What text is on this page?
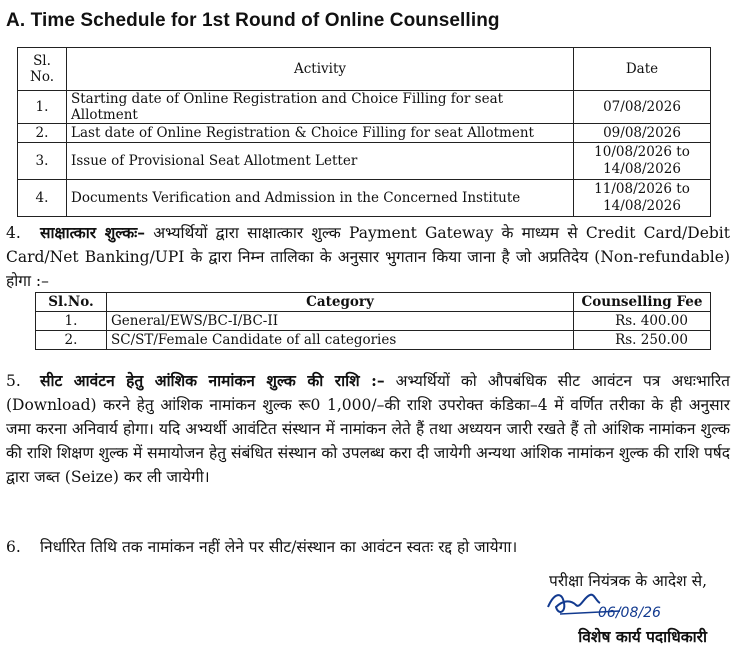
A. Time Schedule for 1st Round of Online Counselling
Sl. No.	Activity	Date
1.	Starting date of Online Registration and Choice Filling for seat Allotment	07/08/2026
2.	Last date of Online Registration & Choice Filling for seat Allotment	09/08/2026
3.	Issue of Provisional Seat Allotment Letter	10/08/2026 to 14/08/2026
4.	Documents Verification and Admission in the Concerned Institute	11/08/2026 to 14/08/2026
4. साक्षात्कार शुल्कः– अभ्यर्थियों द्वारा साक्षात्कार शुल्क Payment Gateway के माध्यम से Credit Card/Debit Card/Net Banking/UPI के द्वारा निम्न तालिका के अनुसार भुगतान किया जाना है जो अप्रतिदेय (Non-refundable) होगा :–
Sl.No.	Category	Counselling Fee
1.	General/EWS/BC-I/BC-II	Rs. 400.00
2.	SC/ST/Female Candidate of all categories	Rs. 250.00
5. सीट आवंटन हेतु आंशिक नामांकन शुल्क की राशि :– अभ्यर्थियों को औपबंधिक सीट आवंटन पत्र अधःभारित (Download) करने हेतु आंशिक नामांकन शुल्क रू0 1,000/–की राशि उपरोक्त कंडिका–4 में वर्णित तरीका के ही अनुसार जमा करना अनिवार्य होगा। यदि अभ्यर्थी आवंटित संस्थान में नामांकन लेते हैं तथा अध्ययन जारी रखते हैं तो आंशिक नामांकन शुल्क की राशि शिक्षण शुल्क में समायोजन हेतु संबंधित संस्थान को उपलब्ध करा दी जायेगी अन्यथा आंशिक नामांकन शुल्क की राशि पर्षद द्वारा जब्त (Seize) कर ली जायेगी।
6. निर्धारित तिथि तक नामांकन नहीं लेने पर सीट/संस्थान का आवंटन स्वतः रद्द हो जायेगा।
परीक्षा नियंत्रक के आदेश से,
06/08/26
विशेष कार्य पदाधिकारी
